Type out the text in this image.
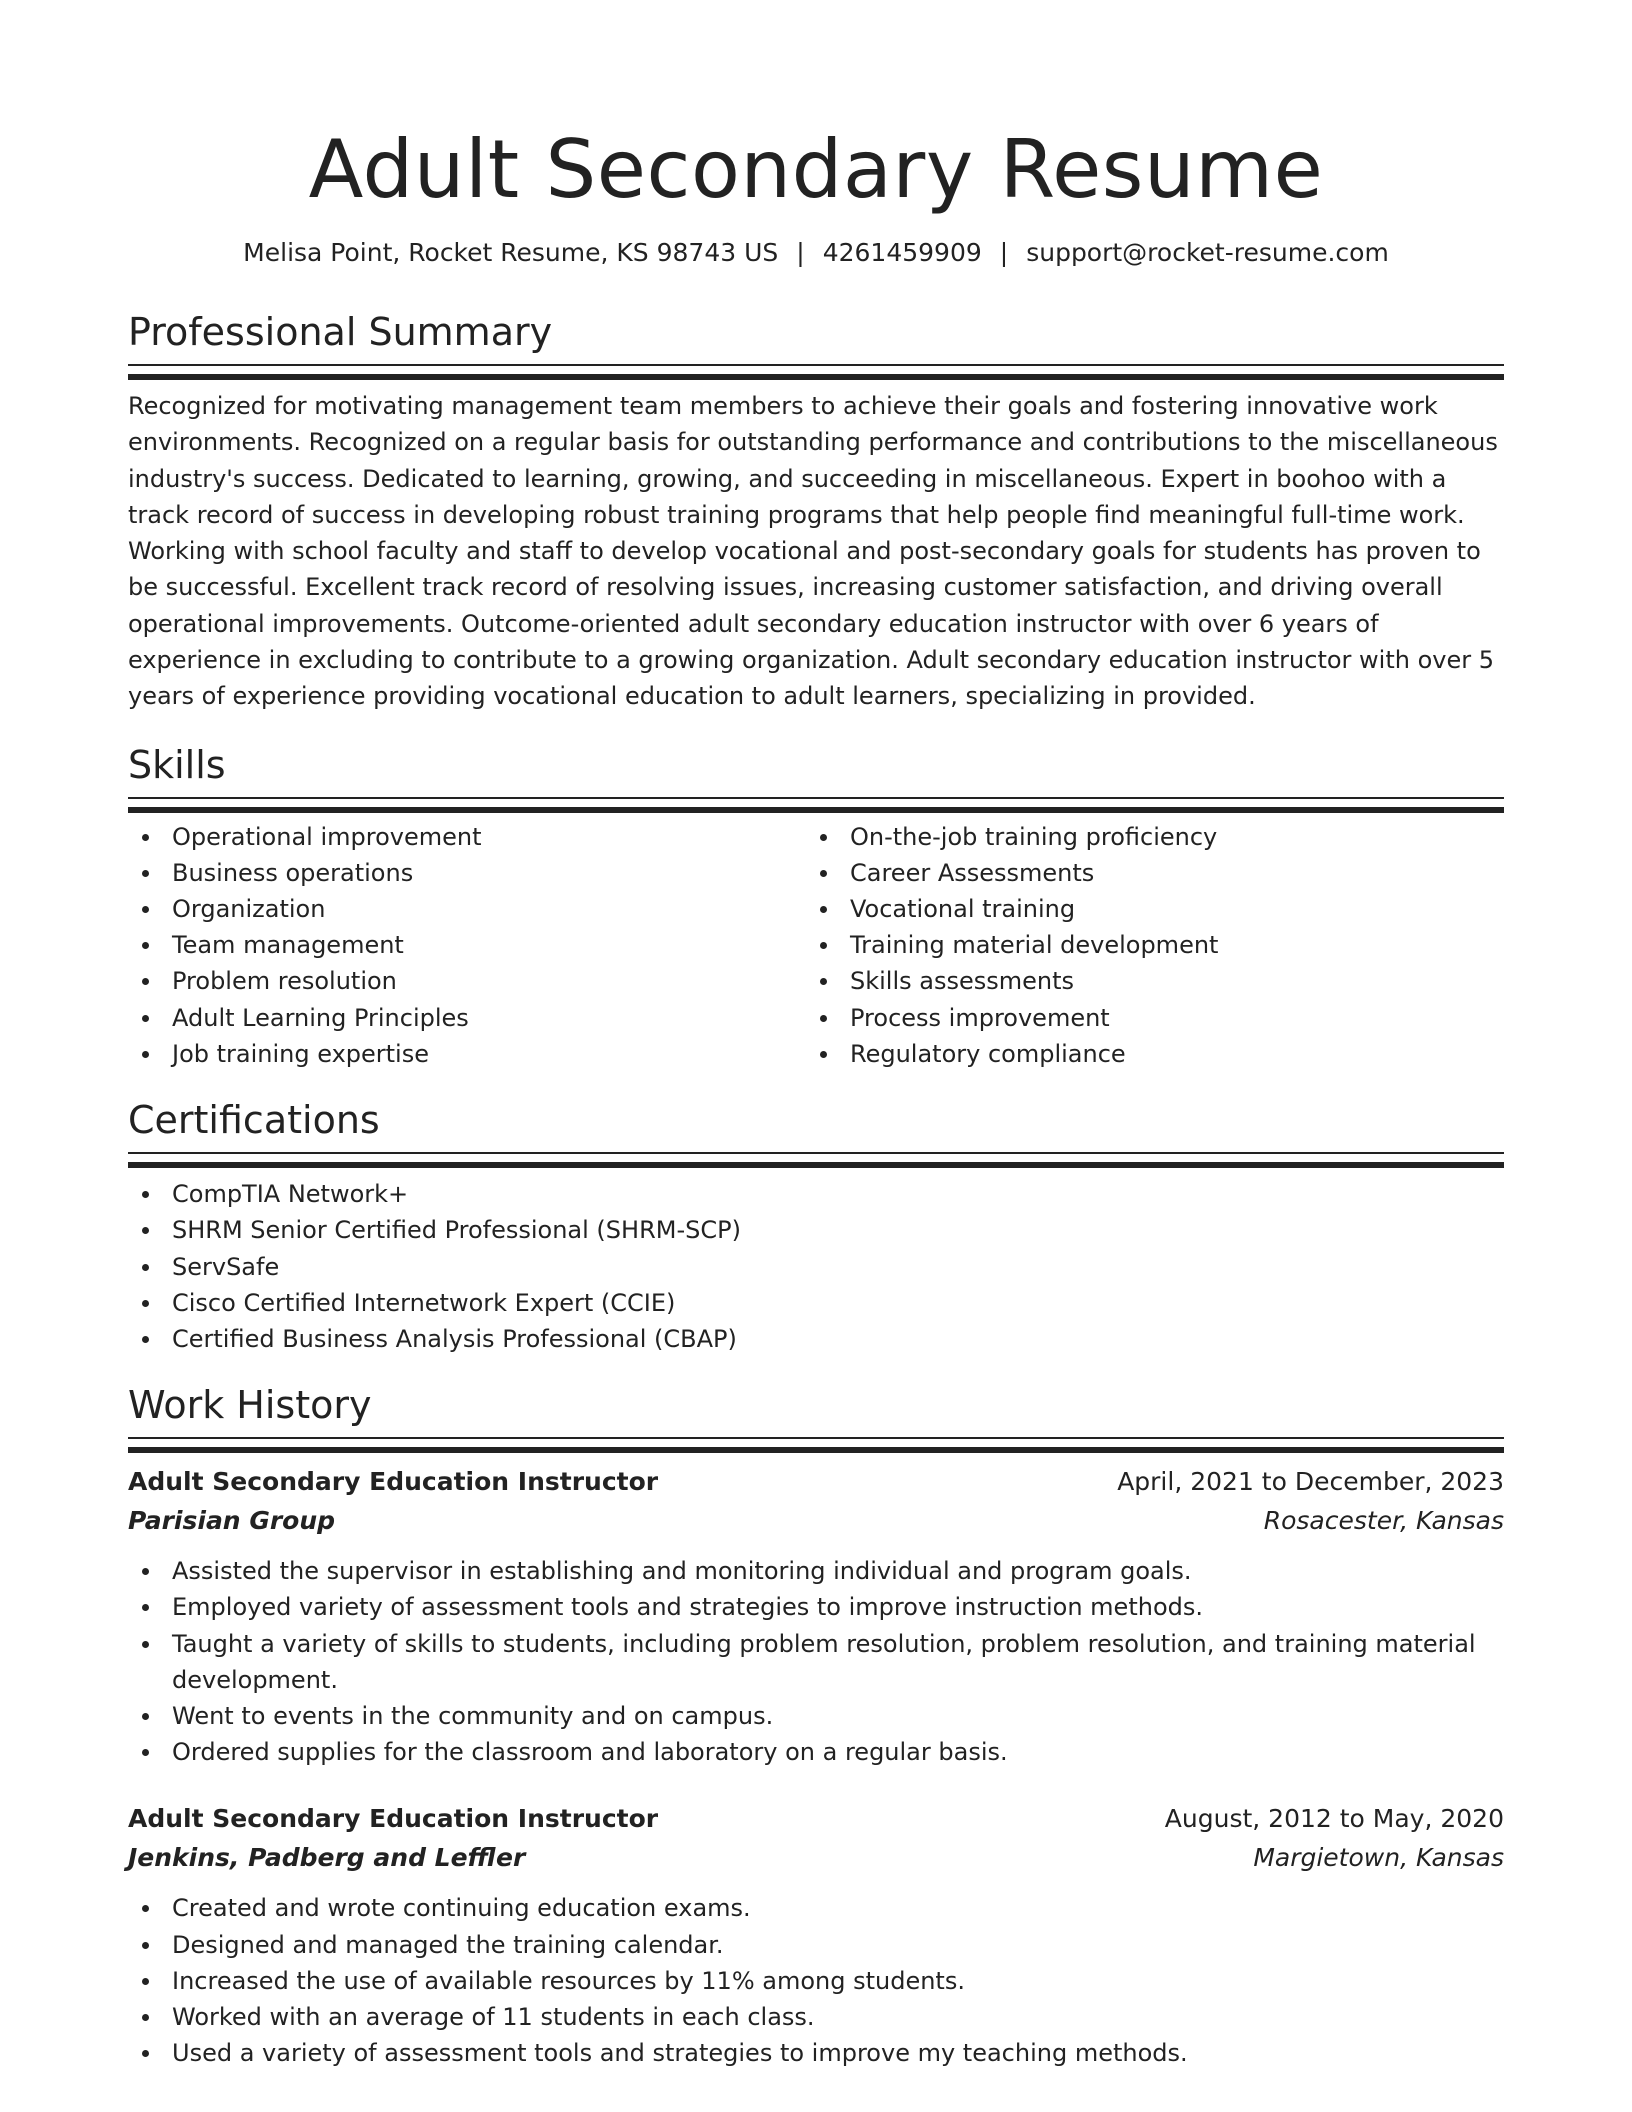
Adult Secondary Resume
Melisa Point, Rocket Resume, KS 98743 US | 4261459909 | support@rocket-resume.com
Professional Summary

Recognized for motivating management team members to achieve their goals and fostering innovative work environments. Recognized on a regular basis for outstanding performance and contributions to the miscellaneous industry's success. Dedicated to learning, growing, and succeeding in miscellaneous. Expert in boohoo with a track record of success in developing robust training programs that help people find meaningful full-time work. Working with school faculty and staff to develop vocational and post-secondary goals for students has proven to be successful. Excellent track record of resolving issues, increasing customer satisfaction, and driving overall operational improvements. Outcome-oriented adult secondary education instructor with over 6 years of experience in excluding to contribute to a growing organization. Adult secondary education instructor with over 5 years of experience providing vocational education to adult learners, specializing in provided.

Skills
Operational improvement
Business operations
Organization
Team management
Problem resolution
Adult Learning Principles
Job training expertise
On-the-job training proficiency
Career Assessments
Vocational training
Training material development
Skills assessments
Process improvement
Regulatory compliance
Certifications
CompTIA Network+
SHRM Senior Certified Professional (SHRM-SCP)
ServSafe
Cisco Certified Internetwork Expert (CCIE)
Certified Business Analysis Professional (CBAP)
Work History
Adult Secondary Education Instructor	April, 2021 to December, 2023
Parisian Group	Rosacester, Kansas
Assisted the supervisor in establishing and monitoring individual and program goals.
Employed variety of assessment tools and strategies to improve instruction methods.
Taught a variety of skills to students, including problem resolution, problem resolution, and training material development.
Went to events in the community and on campus.
Ordered supplies for the classroom and laboratory on a regular basis.
Adult Secondary Education Instructor	August, 2012 to May, 2020
Jenkins, Padberg and Leffler	Margietown, Kansas
Created and wrote continuing education exams.
Designed and managed the training calendar.
Increased the use of available resources by 11% among students.
Worked with an average of 11 students in each class.
Used a variety of assessment tools and strategies to improve my teaching methods.
